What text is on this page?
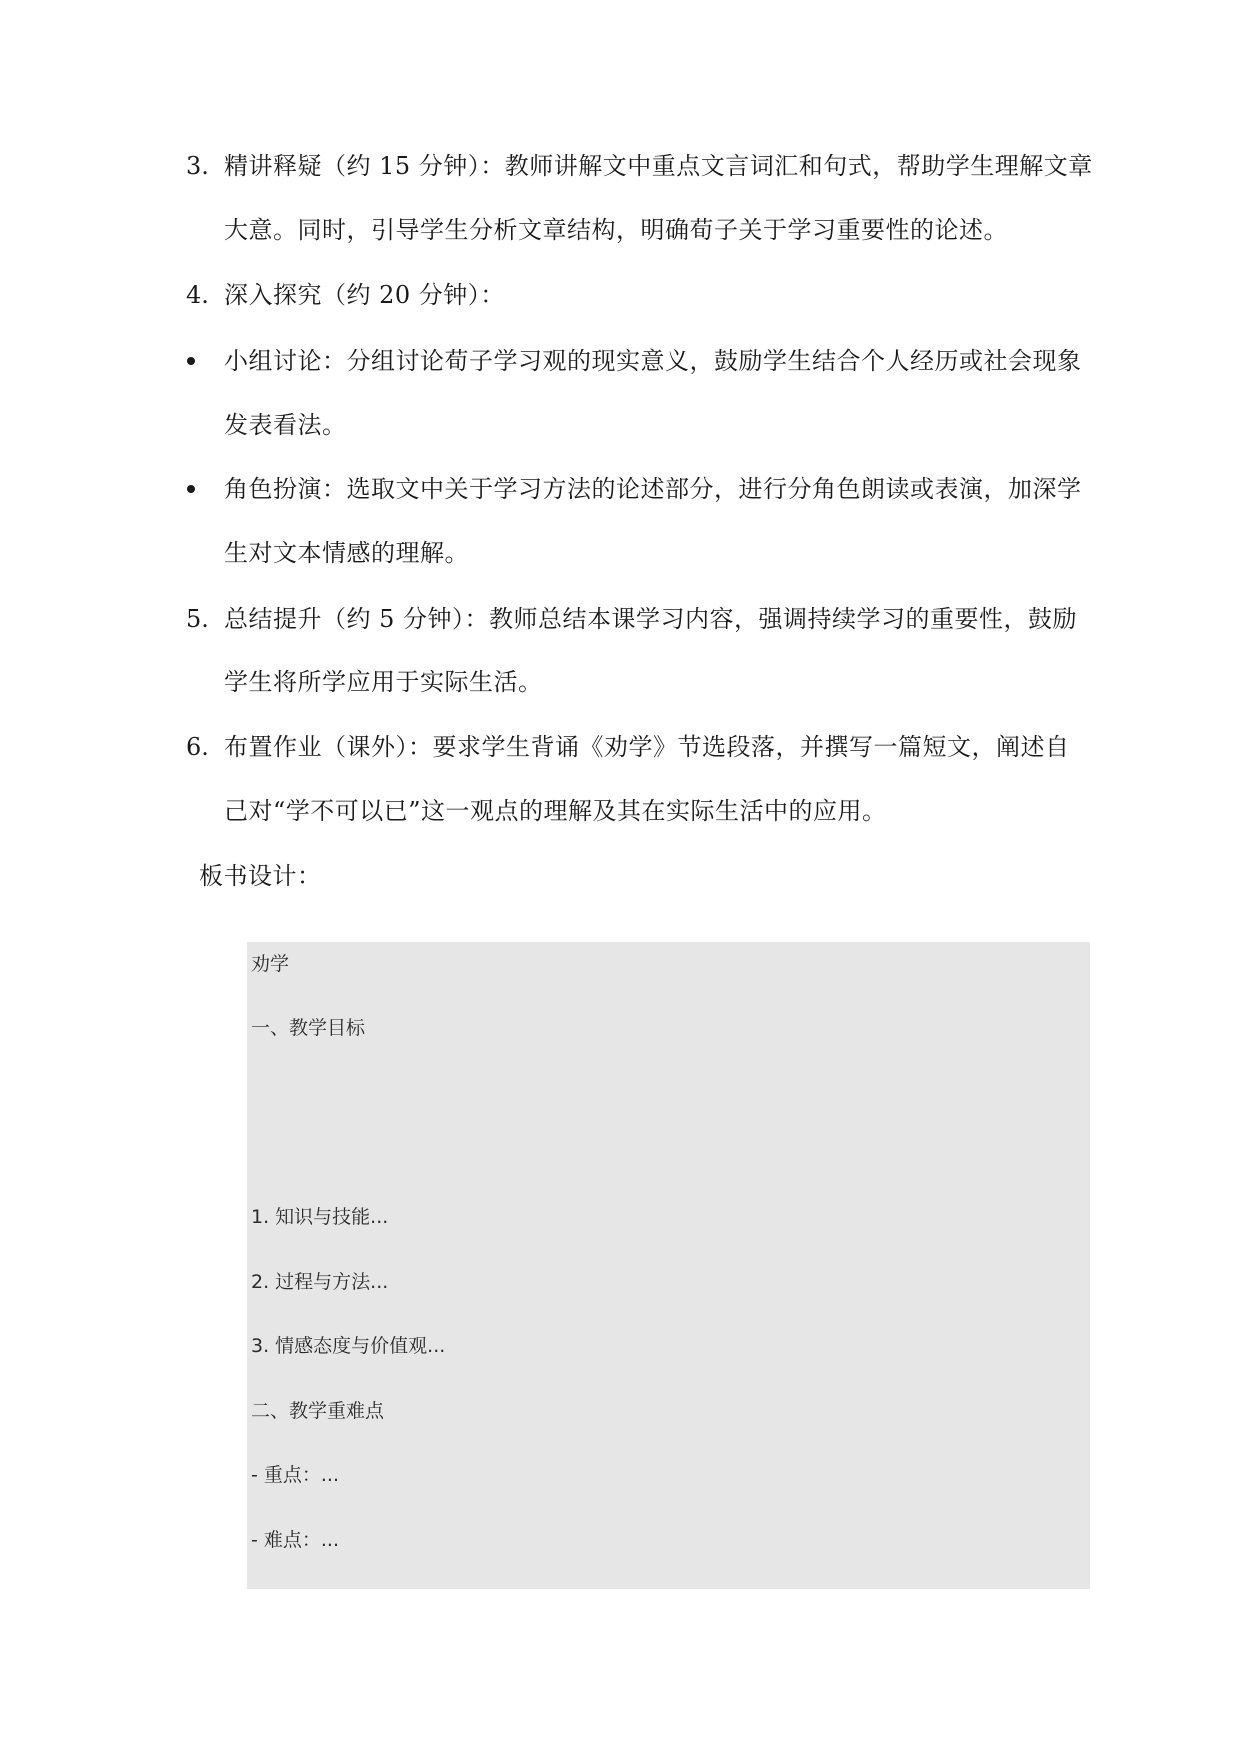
3. 精讲释疑（约 15 分钟）：教师讲解文中重点文言词汇和句式，帮助学生理解文章
大意。同时，引导学生分析文章结构，明确荀子关于学习重要性的论述。
4. 深入探究（约 20 分钟）：
小组讨论：分组讨论荀子学习观的现实意义，鼓励学生结合个人经历或社会现象
发表看法。
角色扮演：选取文中关于学习方法的论述部分，进行分角色朗读或表演，加深学
生对文本情感的理解。
5. 总结提升（约 5 分钟）：教师总结本课学习内容，强调持续学习的重要性，鼓励
学生将所学应用于实际生活。
6. 布置作业（课外）：要求学生背诵《劝学》节选段落，并撰写一篇短文，阐述自
己对“学不可以已”这一观点的理解及其在实际生活中的应用。
板书设计：
劝学
一、教学目标
1. 知识与技能...
2. 过程与方法...
3. 情感态度与价值观...
二、教学重难点
- 重点：...
- 难点：...
